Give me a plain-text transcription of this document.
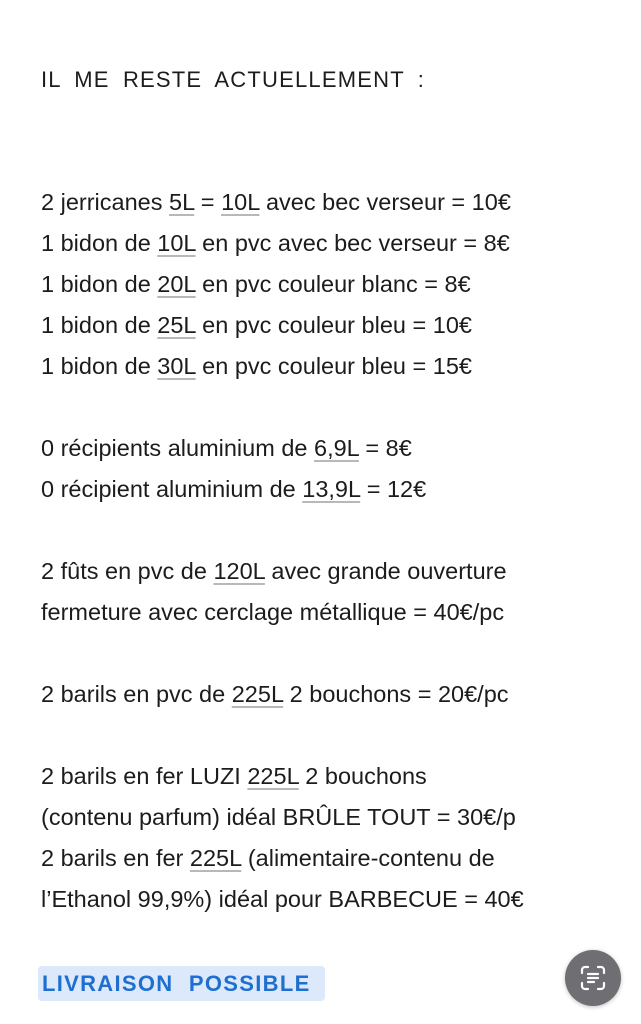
IL ME RESTE ACTUELLEMENT :

2 jerricanes 5L = 10L avec bec verseur = 10€

1 bidon de 10L en pvc avec bec verseur = 8€

1 bidon de 20L en pvc couleur blanc = 8€

1 bidon de 25L en pvc couleur bleu = 10€

1 bidon de 30L en pvc couleur bleu = 15€

0 récipients aluminium de 6,9L = 8€

0 récipient aluminium de 13,9L = 12€

2 fûts en pvc de 120L avec grande ouverture

fermeture avec cerclage métallique = 40€/pc

2 barils en pvc de 225L 2 bouchons = 20€/pc

2 barils en fer LUZI 225L 2 bouchons

(contenu parfum) idéal BRÛLE TOUT = 30€/p

2 barils en fer 225L (alimentaire-contenu de

l’Ethanol 99,9%) idéal pour BARBECUE = 40€

LIVRAISON POSSIBLE
